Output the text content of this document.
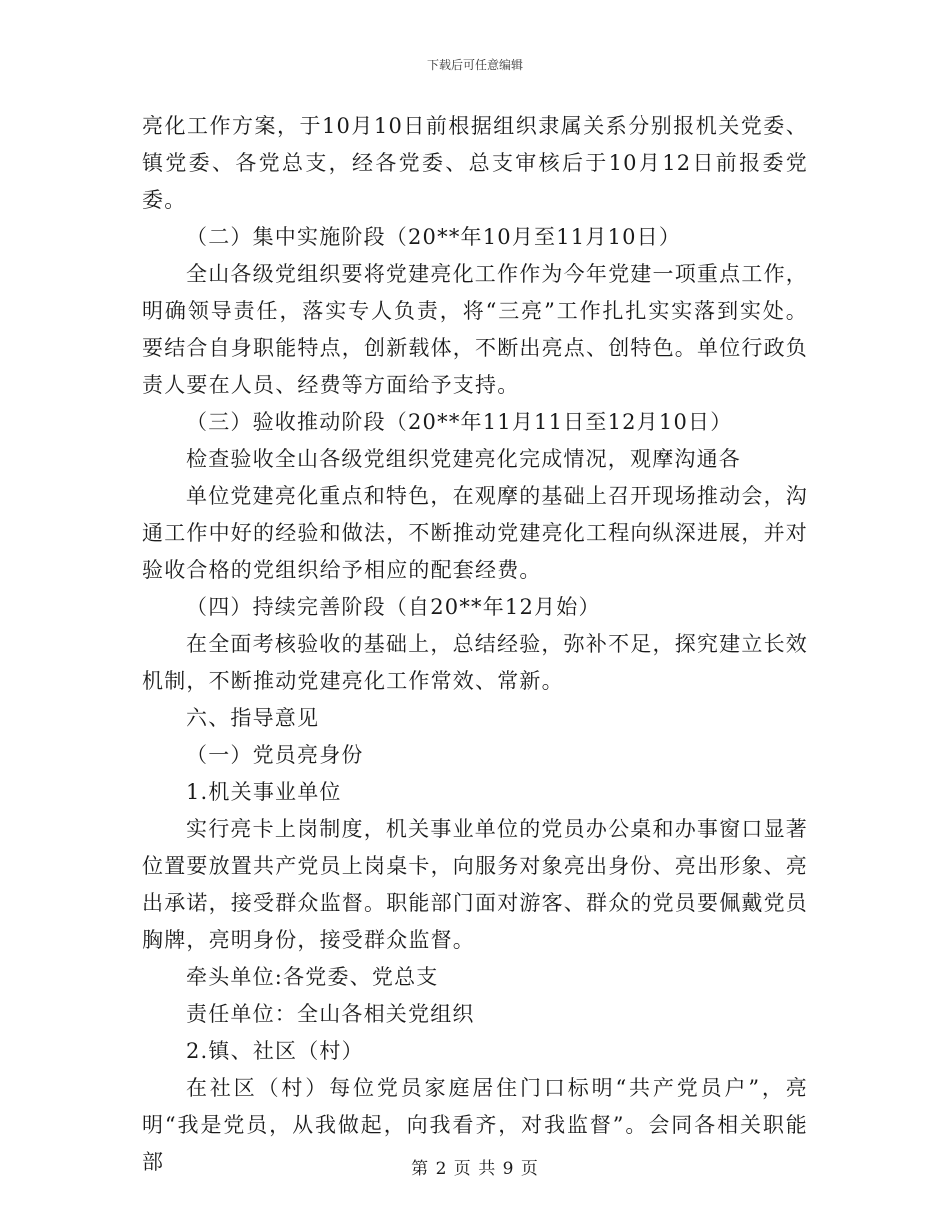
下载后可任意编辑

亮化工作方案，于10月10日前根据组织隶属关系分别报机关党委、镇党委、各党总支，经各党委、总支审核后于10月12日前报委党委。

（二）集中实施阶段（20**年10月至11月10日）

全山各级党组织要将党建亮化工作作为今年党建一项重点工作，明确领导责任，落实专人负责，将“三亮”工作扎扎实实落到实处。要结合自身职能特点，创新载体，不断出亮点、创特色。单位行政负责人要在人员、经费等方面给予支持。

（三）验收推动阶段（20**年11月11日至12月10日）

检查验收全山各级党组织党建亮化完成情况，观摩沟通各

单位党建亮化重点和特色，在观摩的基础上召开现场推动会，沟通工作中好的经验和做法，不断推动党建亮化工程向纵深进展，并对验收合格的党组织给予相应的配套经费。

（四）持续完善阶段（自20**年12月始）

在全面考核验收的基础上，总结经验，弥补不足，探究建立长效机制，不断推动党建亮化工作常效、常新。

六、指导意见

（一）党员亮身份

1.机关事业单位

实行亮卡上岗制度，机关事业单位的党员办公桌和办事窗口显著位置要放置共产党员上岗桌卡，向服务对象亮出身份、亮出形象、亮出承诺，接受群众监督。职能部门面对游客、群众的党员要佩戴党员胸牌，亮明身份，接受群众监督。

牵头单位:各党委、党总支

责任单位：全山各相关党组织

2.镇、社区（村）

在社区（村）每位党员家庭居住门口标明“共产党员户”，亮明“我是党员，从我做起，向我看齐，对我监督”。会同各相关职能部	第 2 页 共 9 页
